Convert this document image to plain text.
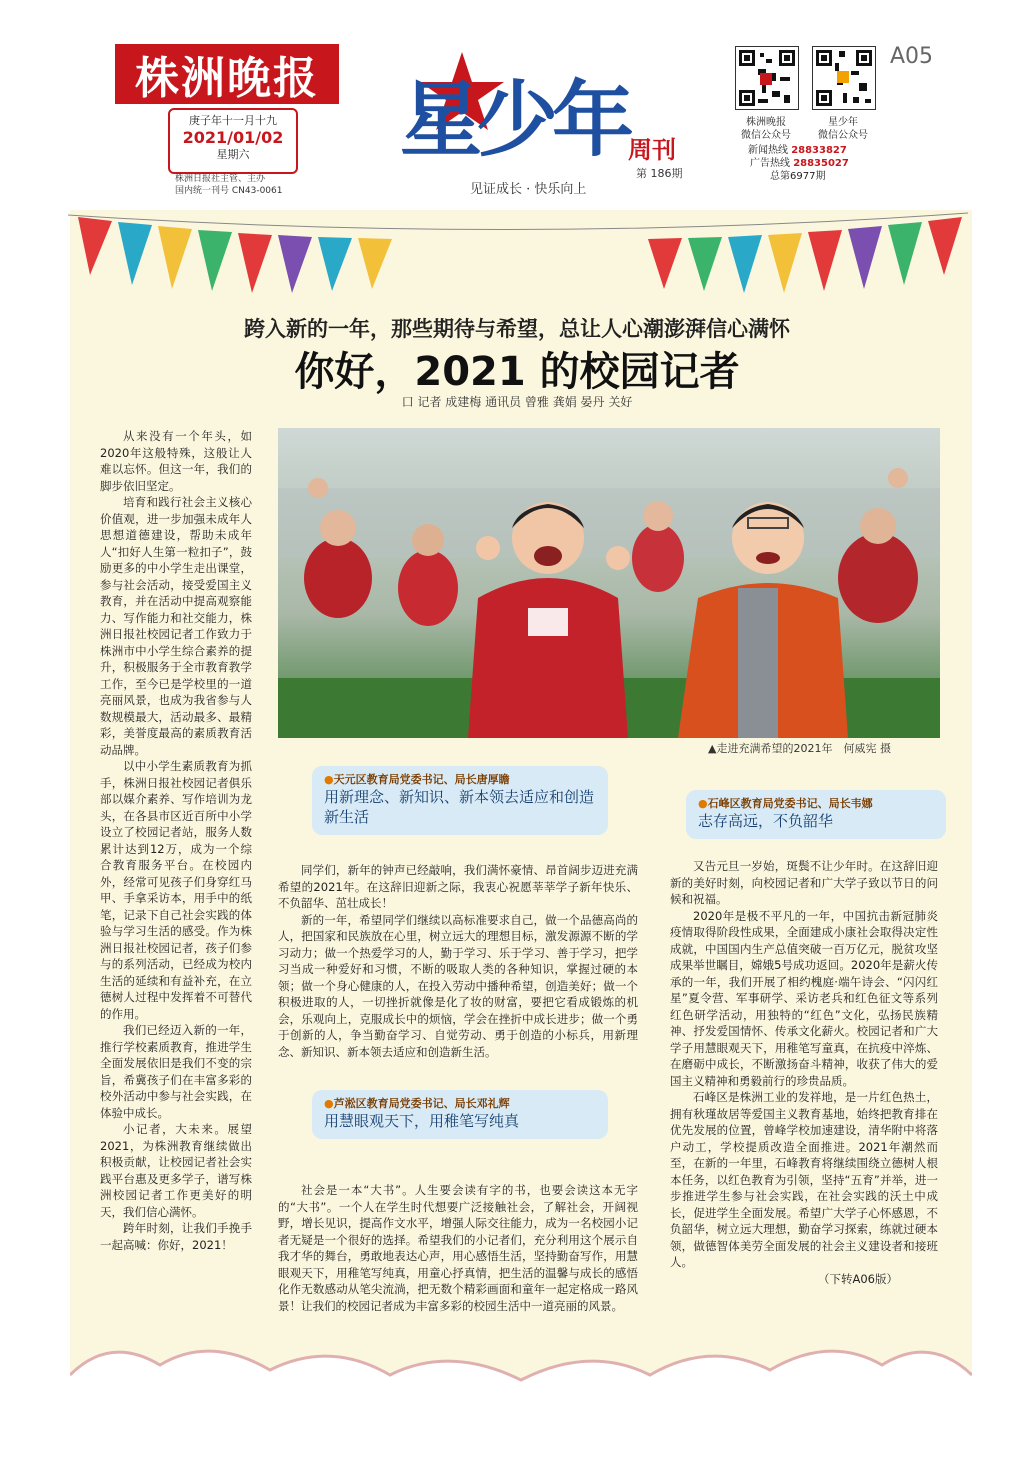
株洲晚报
庚子年十一月十九
2021/01/02
星期六
株洲日报社主管、主办
国内统一刊号 CN43-0061
星少年
见证成长 · 快乐向上
周刊
第 186期
株洲晚报
微信公众号
星少年
微信公众号
新闻热线 28833827
广告热线 28835027
总第6977期
A05
跨入新的一年，那些期待与希望，总让人心潮澎湃信心满怀
你好，2021 的校园记者
口 记者 成建梅 通讯员 曾雅 龚娟 晏丹 关好

从来没有一个年头，如2020年这般特殊，这般让人难以忘怀。但这一年，我们的脚步依旧坚定。

培育和践行社会主义核心价值观，进一步加强未成年人思想道德建设，帮助未成年人“扣好人生第一粒扣子”，鼓励更多的中小学生走出课堂，参与社会活动，接受爱国主义教育，并在活动中提高观察能力、写作能力和社交能力，株洲日报社校园记者工作致力于株洲市中小学生综合素养的提升，积极服务于全市教育教学工作，至今已是学校里的一道亮丽风景，也成为我省参与人数规模最大，活动最多、最精彩，美誉度最高的素质教育活动品牌。

以中小学生素质教育为抓手，株洲日报社校园记者俱乐部以媒介素养、写作培训为龙头，在各县市区近百所中小学设立了校园记者站，服务人数累计达到12万，成为一个综合教育服务平台。在校园内外，经常可见孩子们身穿红马甲、手拿采访本，用手中的纸笔，记录下自己社会实践的体验与学习生活的感受。作为株洲日报社校园记者，孩子们参与的系列活动，已经成为校内生活的延续和有益补充，在立德树人过程中发挥着不可替代的作用。

我们已经迈入新的一年，推行学校素质教育，推进学生全面发展依旧是我们不变的宗旨，希冀孩子们在丰富多彩的校外活动中参与社会实践，在体验中成长。

小记者，大未来。展望2021，为株洲教育继续做出积极贡献，让校园记者社会实践平台惠及更多学子，谱写株洲校园记者工作更美好的明天，我们信心满怀。

跨年时刻，让我们手挽手一起高喊：你好，2021！

▲走进充满希望的2021年　何威宪 摄
●天元区教育局党委书记、局长唐厚瞻
用新理念、新知识、新本领去适应和创造新生活

同学们，新年的钟声已经敲响，我们满怀豪情、昂首阔步迈进充满希望的2021年。在这辞旧迎新之际，我衷心祝愿莘莘学子新年快乐、不负韶华、茁壮成长！

新的一年，希望同学们继续以高标准要求自己，做一个品德高尚的人，把国家和民族放在心里，树立远大的理想目标，激发源源不断的学习动力；做一个热爱学习的人，勤于学习、乐于学习、善于学习，把学习当成一种爱好和习惯，不断的吸取人类的各种知识，掌握过硬的本领；做一个身心健康的人，在投入劳动中播种希望，创造美好；做一个积极进取的人，一切挫折就像是化了妆的财富，要把它看成锻炼的机会，乐观向上，克服成长中的烦恼，学会在挫折中成长进步；做一个勇于创新的人，争当勤奋学习、自觉劳动、勇于创造的小标兵，用新理念、新知识、新本领去适应和创造新生活。

●芦淞区教育局党委书记、局长邓礼辉
用慧眼观天下，用稚笔写纯真

社会是一本“大书”。人生要会读有字的书，也要会读这本无字的“大书”。一个人在学生时代想要广泛接触社会，了解社会，开阔视野，增长见识，提高作文水平，增强人际交往能力，成为一名校园小记者无疑是一个很好的选择。希望我们的小记者们，充分利用这个展示自我才华的舞台，勇敢地表达心声，用心感悟生活，坚持勤奋写作，用慧眼观天下，用稚笔写纯真，用童心抒真情，把生活的温馨与成长的感悟化作无数感动从笔尖流淌，把无数个精彩画面和童年一起定格成一路风景！让我们的校园记者成为丰富多彩的校园生活中一道亮丽的风景。

●石峰区教育局党委书记、局长韦娜
志存高远，不负韶华

又告元旦一岁始，斑鬓不让少年时。在这辞旧迎新的美好时刻，向校园记者和广大学子致以节日的问候和祝福。

2020年是极不平凡的一年，中国抗击新冠肺炎疫情取得阶段性成果，全面建成小康社会取得决定性成就，中国国内生产总值突破一百万亿元，脱贫攻坚成果举世瞩目，嫦娥5号成功返回。2020年是薪火传承的一年，我们开展了相约槐庭·端午诗会、“闪闪红星”夏令营、军事研学、采访老兵和红色征文等系列红色研学活动，用独特的“红色”文化，弘扬民族精神、抒发爱国情怀、传承文化薪火。校园记者和广大学子用慧眼观天下，用稚笔写童真，在抗疫中淬炼、在磨砺中成长，不断激扬奋斗精神，收获了伟大的爱国主义精神和勇毅前行的珍贵品质。

石峰区是株洲工业的发祥地，是一片红色热土，拥有秋瑾故居等爱国主义教育基地，始终把教育排在优先发展的位置，曾峰学校加速建设，清华附中将落户动工，学校提质改造全面推进。2021年潮然而至，在新的一年里，石峰教育将继续围绕立德树人根本任务，以红色教育为引领，坚持“五育”并举，进一步推进学生参与社会实践，在社会实践的沃土中成长，促进学生全面发展。希望广大学子心怀感恩，不负韶华，树立远大理想，勤奋学习探索，练就过硬本领，做德智体美劳全面发展的社会主义建设者和接班人。

（下转A06版）
